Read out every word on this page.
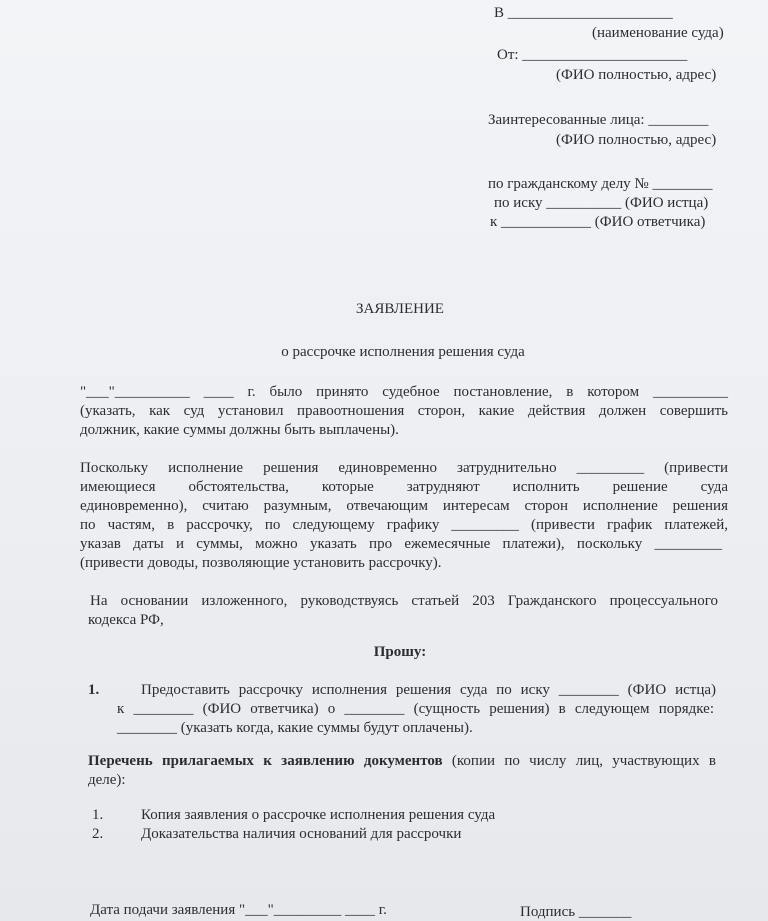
В ______________________
(наименование суда)
От: ______________________
(ФИО полностью, адрес)
Заинтересованные лица: ________
(ФИО полностью, адрес)
по гражданскому делу № ________
по иску __________ (ФИО истца)
к ____________ (ФИО ответчика)
ЗАЯВЛЕНИЕ
о рассрочке исполнения решения суда
"___"__________ ____ г. было принято судебное постановление, в котором __________
(указать, как суд установил правоотношения сторон, какие действия должен совершить
должник, какие суммы должны быть выплачены).
Поскольку исполнение решения единовременно затруднительно _________ (привести
имеющиеся обстоятельства, которые затрудняют исполнить решение суда
единовременно), считаю разумным, отвечающим интересам сторон исполнение решения
по частям, в рассрочку, по следующему графику _________ (привести график платежей,
указав даты и суммы, можно указать про ежемесячные платежи), поскольку _________
(привести доводы, позволяющие установить рассрочку).
На основании изложенного, руководствуясь статьей 203 Гражданского процессуального
кодекса РФ,
Прошу:
1.	Предоставить рассрочку исполнения решения суда по иску ________ (ФИО истца)
к ________ (ФИО ответчика) о ________ (сущность решения) в следующем порядке:
________ (указать когда, какие суммы будут оплачены).
Перечень прилагаемых к заявлению документов (копии по числу лиц, участвующих в
деле):
1.	Копия заявления о рассрочке исполнения решения суда
2.	Доказательства наличия оснований для рассрочки
Дата подачи заявления "___"_________ ____ г.	Подпись _______
